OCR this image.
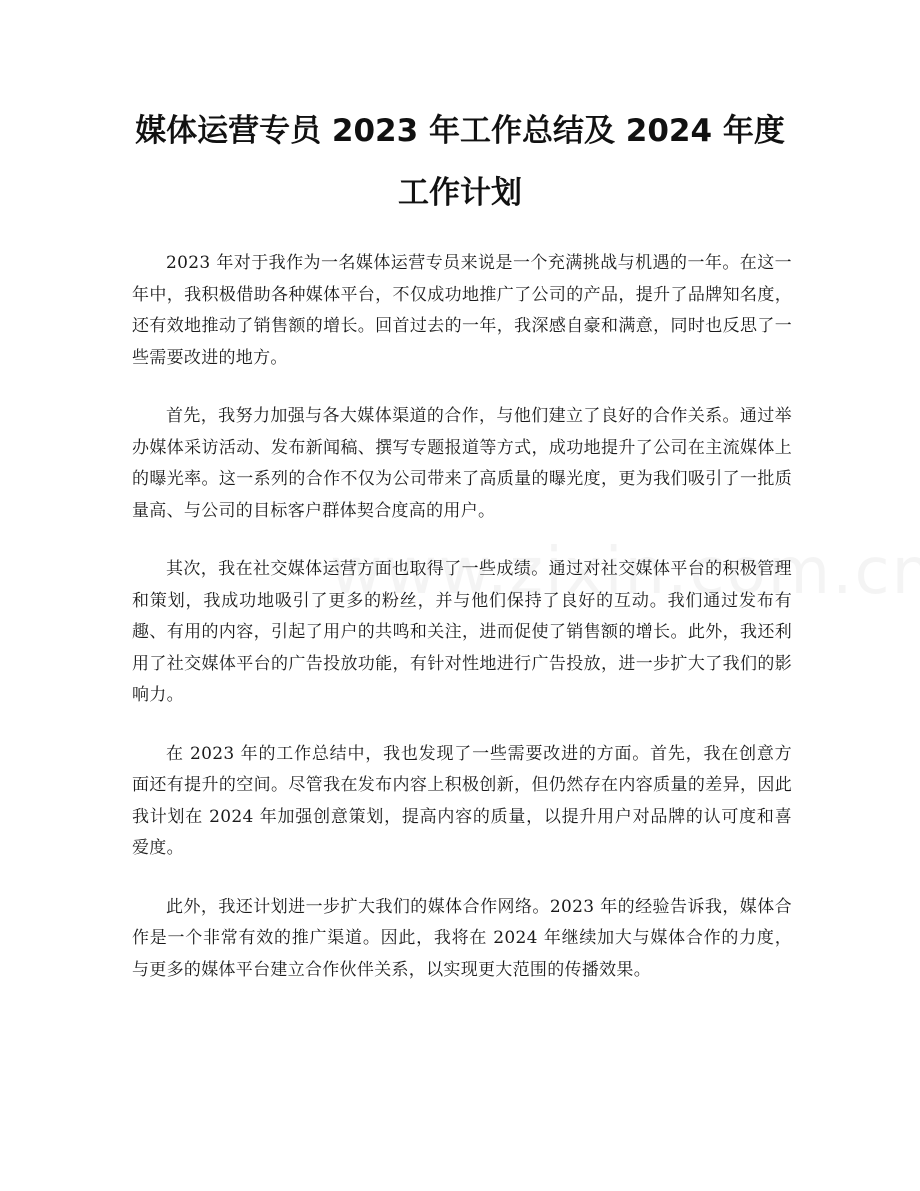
媒体运营专员 2023 年工作总结及 2024 年度工作计划

2023 年对于我作为一名媒体运营专员来说是一个充满挑战与机遇的一年。在这一年中，我积极借助各种媒体平台，不仅成功地推广了公司的产品，提升了品牌知名度，还有效地推动了销售额的增长。回首过去的一年，我深感自豪和满意，同时也反思了一些需要改进的地方。

首先，我努力加强与各大媒体渠道的合作，与他们建立了良好的合作关系。通过举办媒体采访活动、发布新闻稿、撰写专题报道等方式，成功地提升了公司在主流媒体上的曝光率。这一系列的合作不仅为公司带来了高质量的曝光度，更为我们吸引了一批质量高、与公司的目标客户群体契合度高的用户。

其次，我在社交媒体运营方面也取得了一些成绩。通过对社交媒体平台的积极管理和策划，我成功地吸引了更多的粉丝，并与他们保持了良好的互动。我们通过发布有趣、有用的内容，引起了用户的共鸣和关注，进而促使了销售额的增长。此外，我还利用了社交媒体平台的广告投放功能，有针对性地进行广告投放，进一步扩大了我们的影响力。

在 2023 年的工作总结中，我也发现了一些需要改进的方面。首先，我在创意方面还有提升的空间。尽管我在发布内容上积极创新，但仍然存在内容质量的差异，因此我计划在 2024 年加强创意策划，提高内容的质量，以提升用户对品牌的认可度和喜爱度。

此外，我还计划进一步扩大我们的媒体合作网络。2023 年的经验告诉我，媒体合作是一个非常有效的推广渠道。因此，我将在 2024 年继续加大与媒体合作的力度，与更多的媒体平台建立合作伙伴关系，以实现更大范围的传播效果。
